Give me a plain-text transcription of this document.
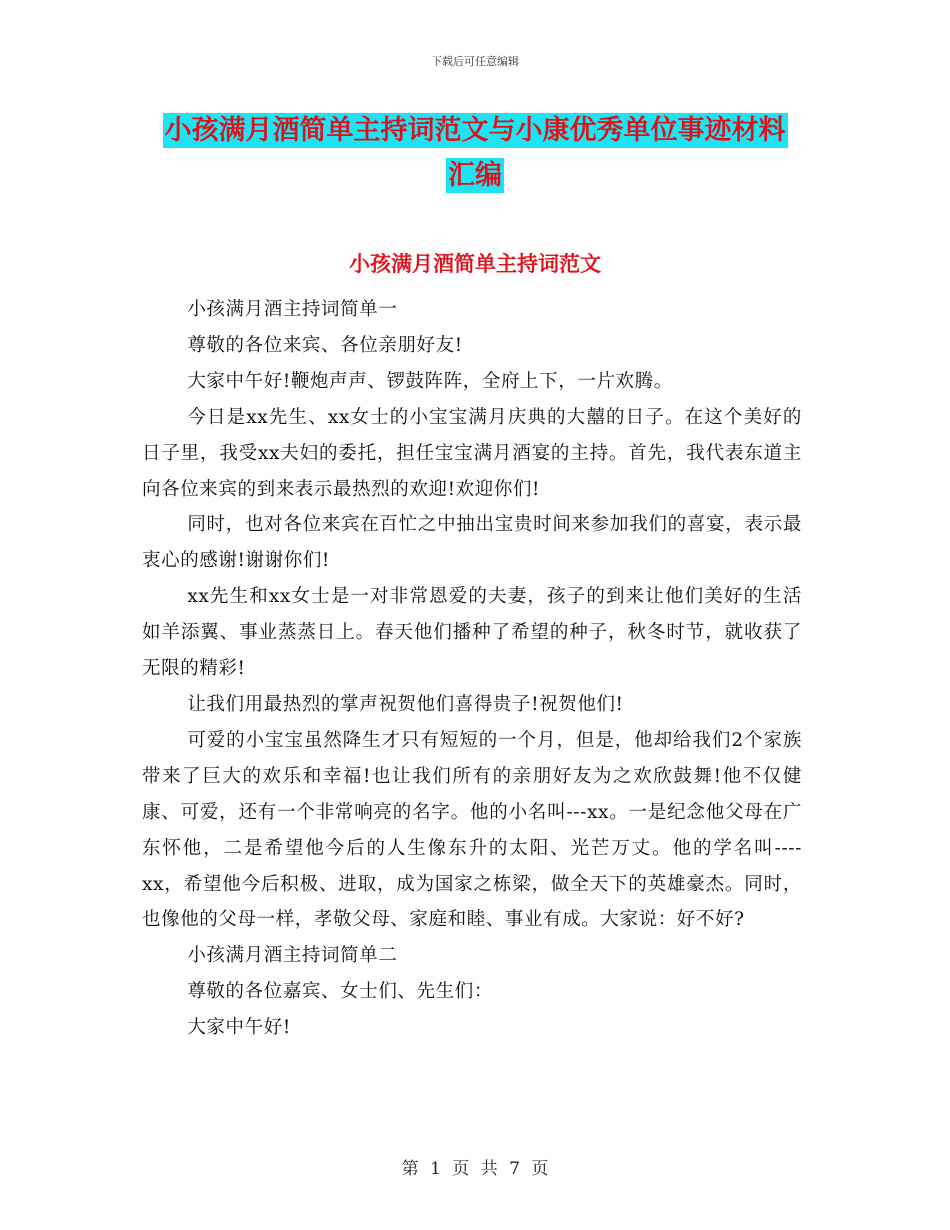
下载后可任意编辑
小孩满月酒简单主持词范文与小康优秀单位事迹材料
汇编
小孩满月酒简单主持词范文

小孩满月酒主持词简单一

尊敬的各位来宾、各位亲朋好友!

大家中午好!鞭炮声声、锣鼓阵阵，全府上下，一片欢腾。

今日是xx先生、xx女士的小宝宝满月庆典的大囍的日子。在这个美好的日子里，我受xx夫妇的委托，担任宝宝满月酒宴的主持。首先，我代表东道主向各位来宾的到来表示最热烈的欢迎!欢迎你们!

同时，也对各位来宾在百忙之中抽出宝贵时间来参加我们的喜宴，表示最衷心的感谢!谢谢你们!

xx先生和xx女士是一对非常恩爱的夫妻，孩子的到来让他们美好的生活如羊添翼、事业蒸蒸日上。春天他们播种了希望的种子，秋冬时节，就收获了无限的精彩!

让我们用最热烈的掌声祝贺他们喜得贵子!祝贺他们!

可爱的小宝宝虽然降生才只有短短的一个月，但是，他却给我们2个家族带来了巨大的欢乐和幸福!也让我们所有的亲朋好友为之欢欣鼓舞!他不仅健康、可爱，还有一个非常响亮的名字。他的小名叫---xx。一是纪念他父母在广东怀他，二是希望他今后的人生像东升的太阳、光芒万丈。他的学名叫----xx，希望他今后积极、进取，成为国家之栋梁，做全天下的英雄豪杰。同时，也像他的父母一样，孝敬父母、家庭和睦、事业有成。大家说：好不好?

小孩满月酒主持词简单二

尊敬的各位嘉宾、女士们、先生们：

大家中午好!

第 1 页 共 7 页
